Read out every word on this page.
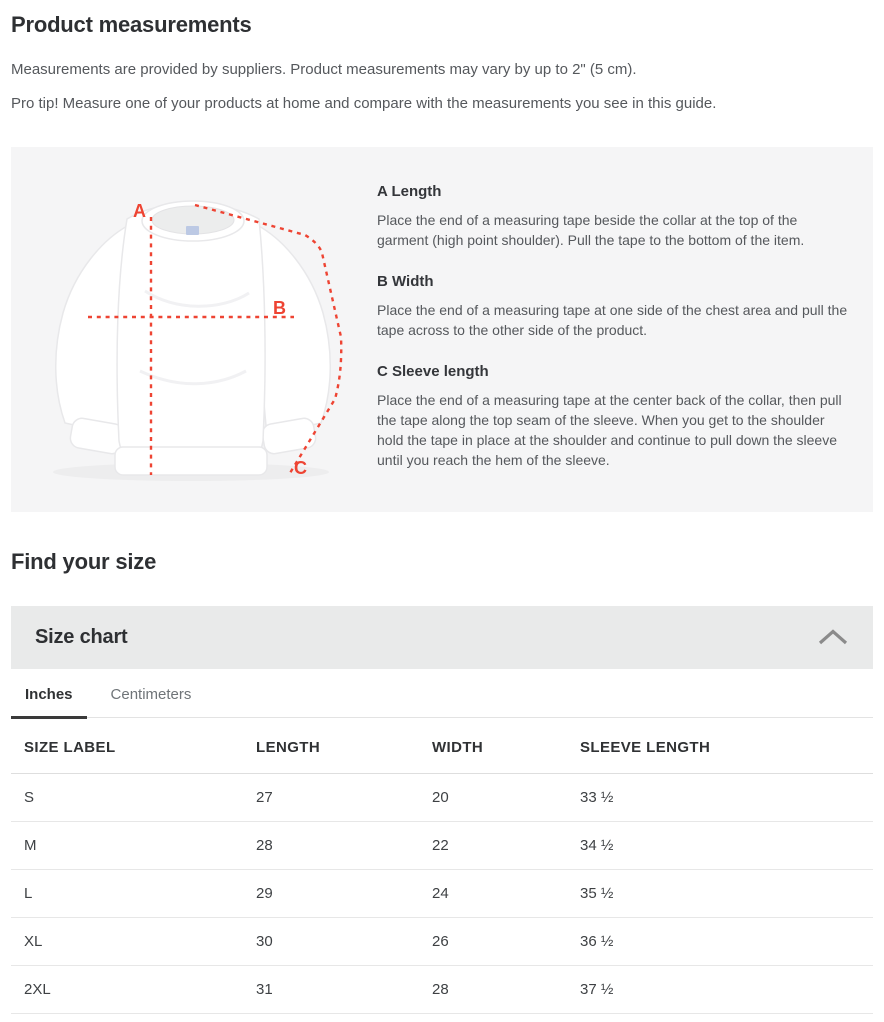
Product measurements

Measurements are provided by suppliers. Product measurements may vary by up to 2" (5 cm).

Pro tip! Measure one of your products at home and compare with the measurements you see in this guide.

A
B
C
A Length

Place the end of a measuring tape beside the collar at the top of the garment (high point shoulder). Pull the tape to the bottom of the item.

B Width

Place the end of a measuring tape at one side of the chest area and pull the tape across to the other side of the product.

C Sleeve length

Place the end of a measuring tape at the center back of the collar, then pull the tape along the top seam of the sleeve. When you get to the shoulder hold the tape in place at the shoulder and continue to pull down the sleeve until you reach the hem of the sleeve.

Find your size
Size chart
Inches	Centimeters
SIZE LABEL	LENGTH	WIDTH	SLEEVE LENGTH
S	27	20	33 ½
M	28	22	34 ½
L	29	24	35 ½
XL	30	26	36 ½
2XL	31	28	37 ½
